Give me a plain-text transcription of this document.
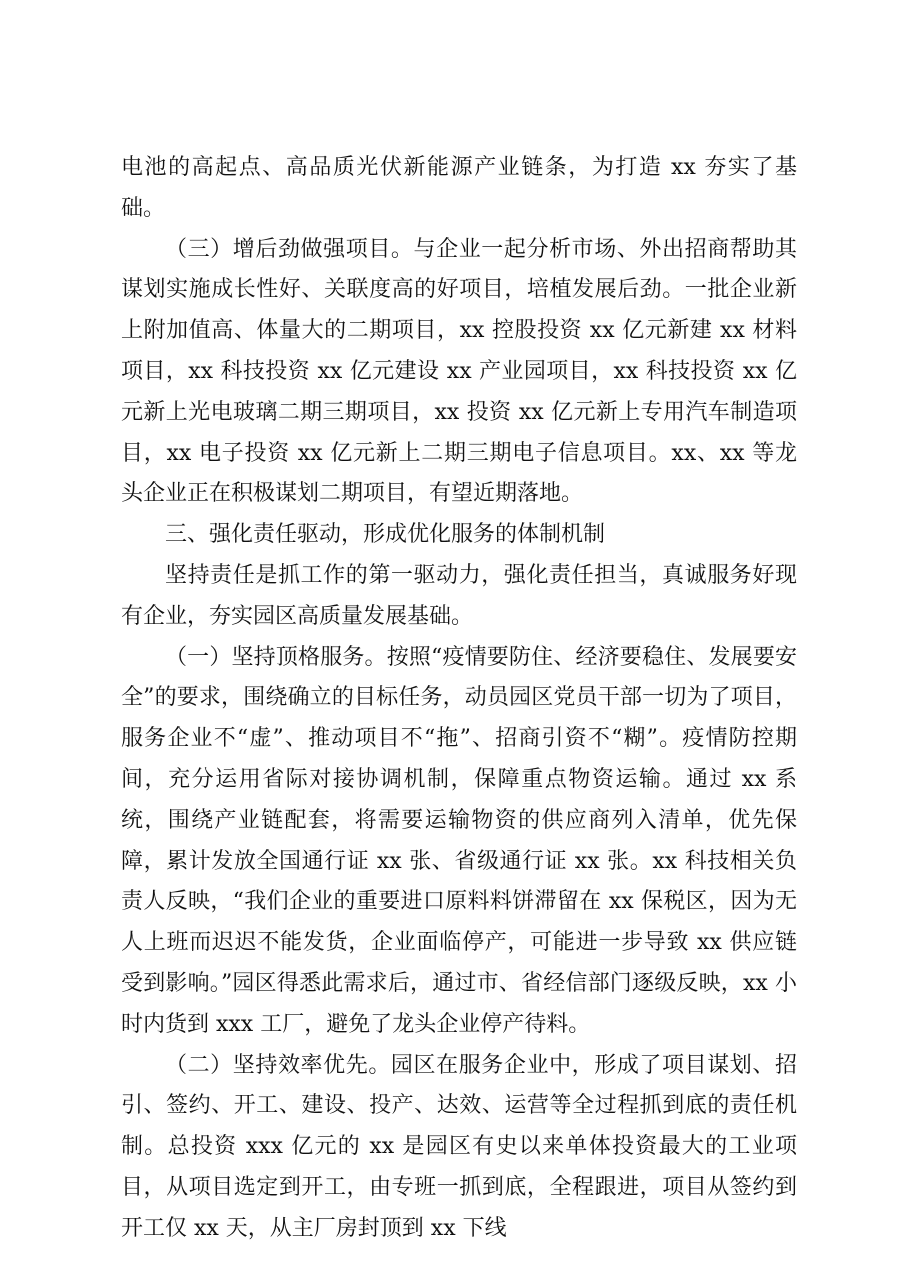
电池的高起点、高品质光伏新能源产业链条，为打造 xx 夯实了基础。

（三）增后劲做强项目。与企业一起分析市场、外出招商帮助其谋划实施成长性好、关联度高的好项目，培植发展后劲。一批企业新上附加值高、体量大的二期项目，xx 控股投资 xx 亿元新建 xx 材料项目，xx 科技投资 xx 亿元建设 xx 产业园项目，xx 科技投资 xx 亿元新上光电玻璃二期三期项目，xx 投资 xx 亿元新上专用汽车制造项目，xx 电子投资 xx 亿元新上二期三期电子信息项目。xx、xx 等龙头企业正在积极谋划二期项目，有望近期落地。

三、强化责任驱动，形成优化服务的体制机制

坚持责任是抓工作的第一驱动力，强化责任担当，真诚服务好现有企业，夯实园区高质量发展基础。

（一）坚持顶格服务。按照“疫情要防住、经济要稳住、发展要安全”的要求，围绕确立的目标任务，动员园区党员干部一切为了项目，服务企业不“虚”、推动项目不“拖”、招商引资不“糊”。疫情防控期间，充分运用省际对接协调机制，保障重点物资运输。通过 xx 系统，围绕产业链配套，将需要运输物资的供应商列入清单，优先保障，累计发放全国通行证 xx 张、省级通行证 xx 张。xx 科技相关负责人反映，“我们企业的重要进口原料料饼滞留在 xx 保税区，因为无人上班而迟迟不能发货，企业面临停产，可能进一步导致 xx 供应链受到影响。”园区得悉此需求后，通过市、省经信部门逐级反映，xx 小时内货到 xxx 工厂，避免了龙头企业停产待料。

（二）坚持效率优先。园区在服务企业中，形成了项目谋划、招引、签约、开工、建设、投产、达效、运营等全过程抓到底的责任机制。总投资 xxx 亿元的 xx 是园区有史以来单体投资最大的工业项目，从项目选定到开工，由专班一抓到底，全程跟进，项目从签约到开工仅 xx 天，从主厂房封顶到 xx 下线
